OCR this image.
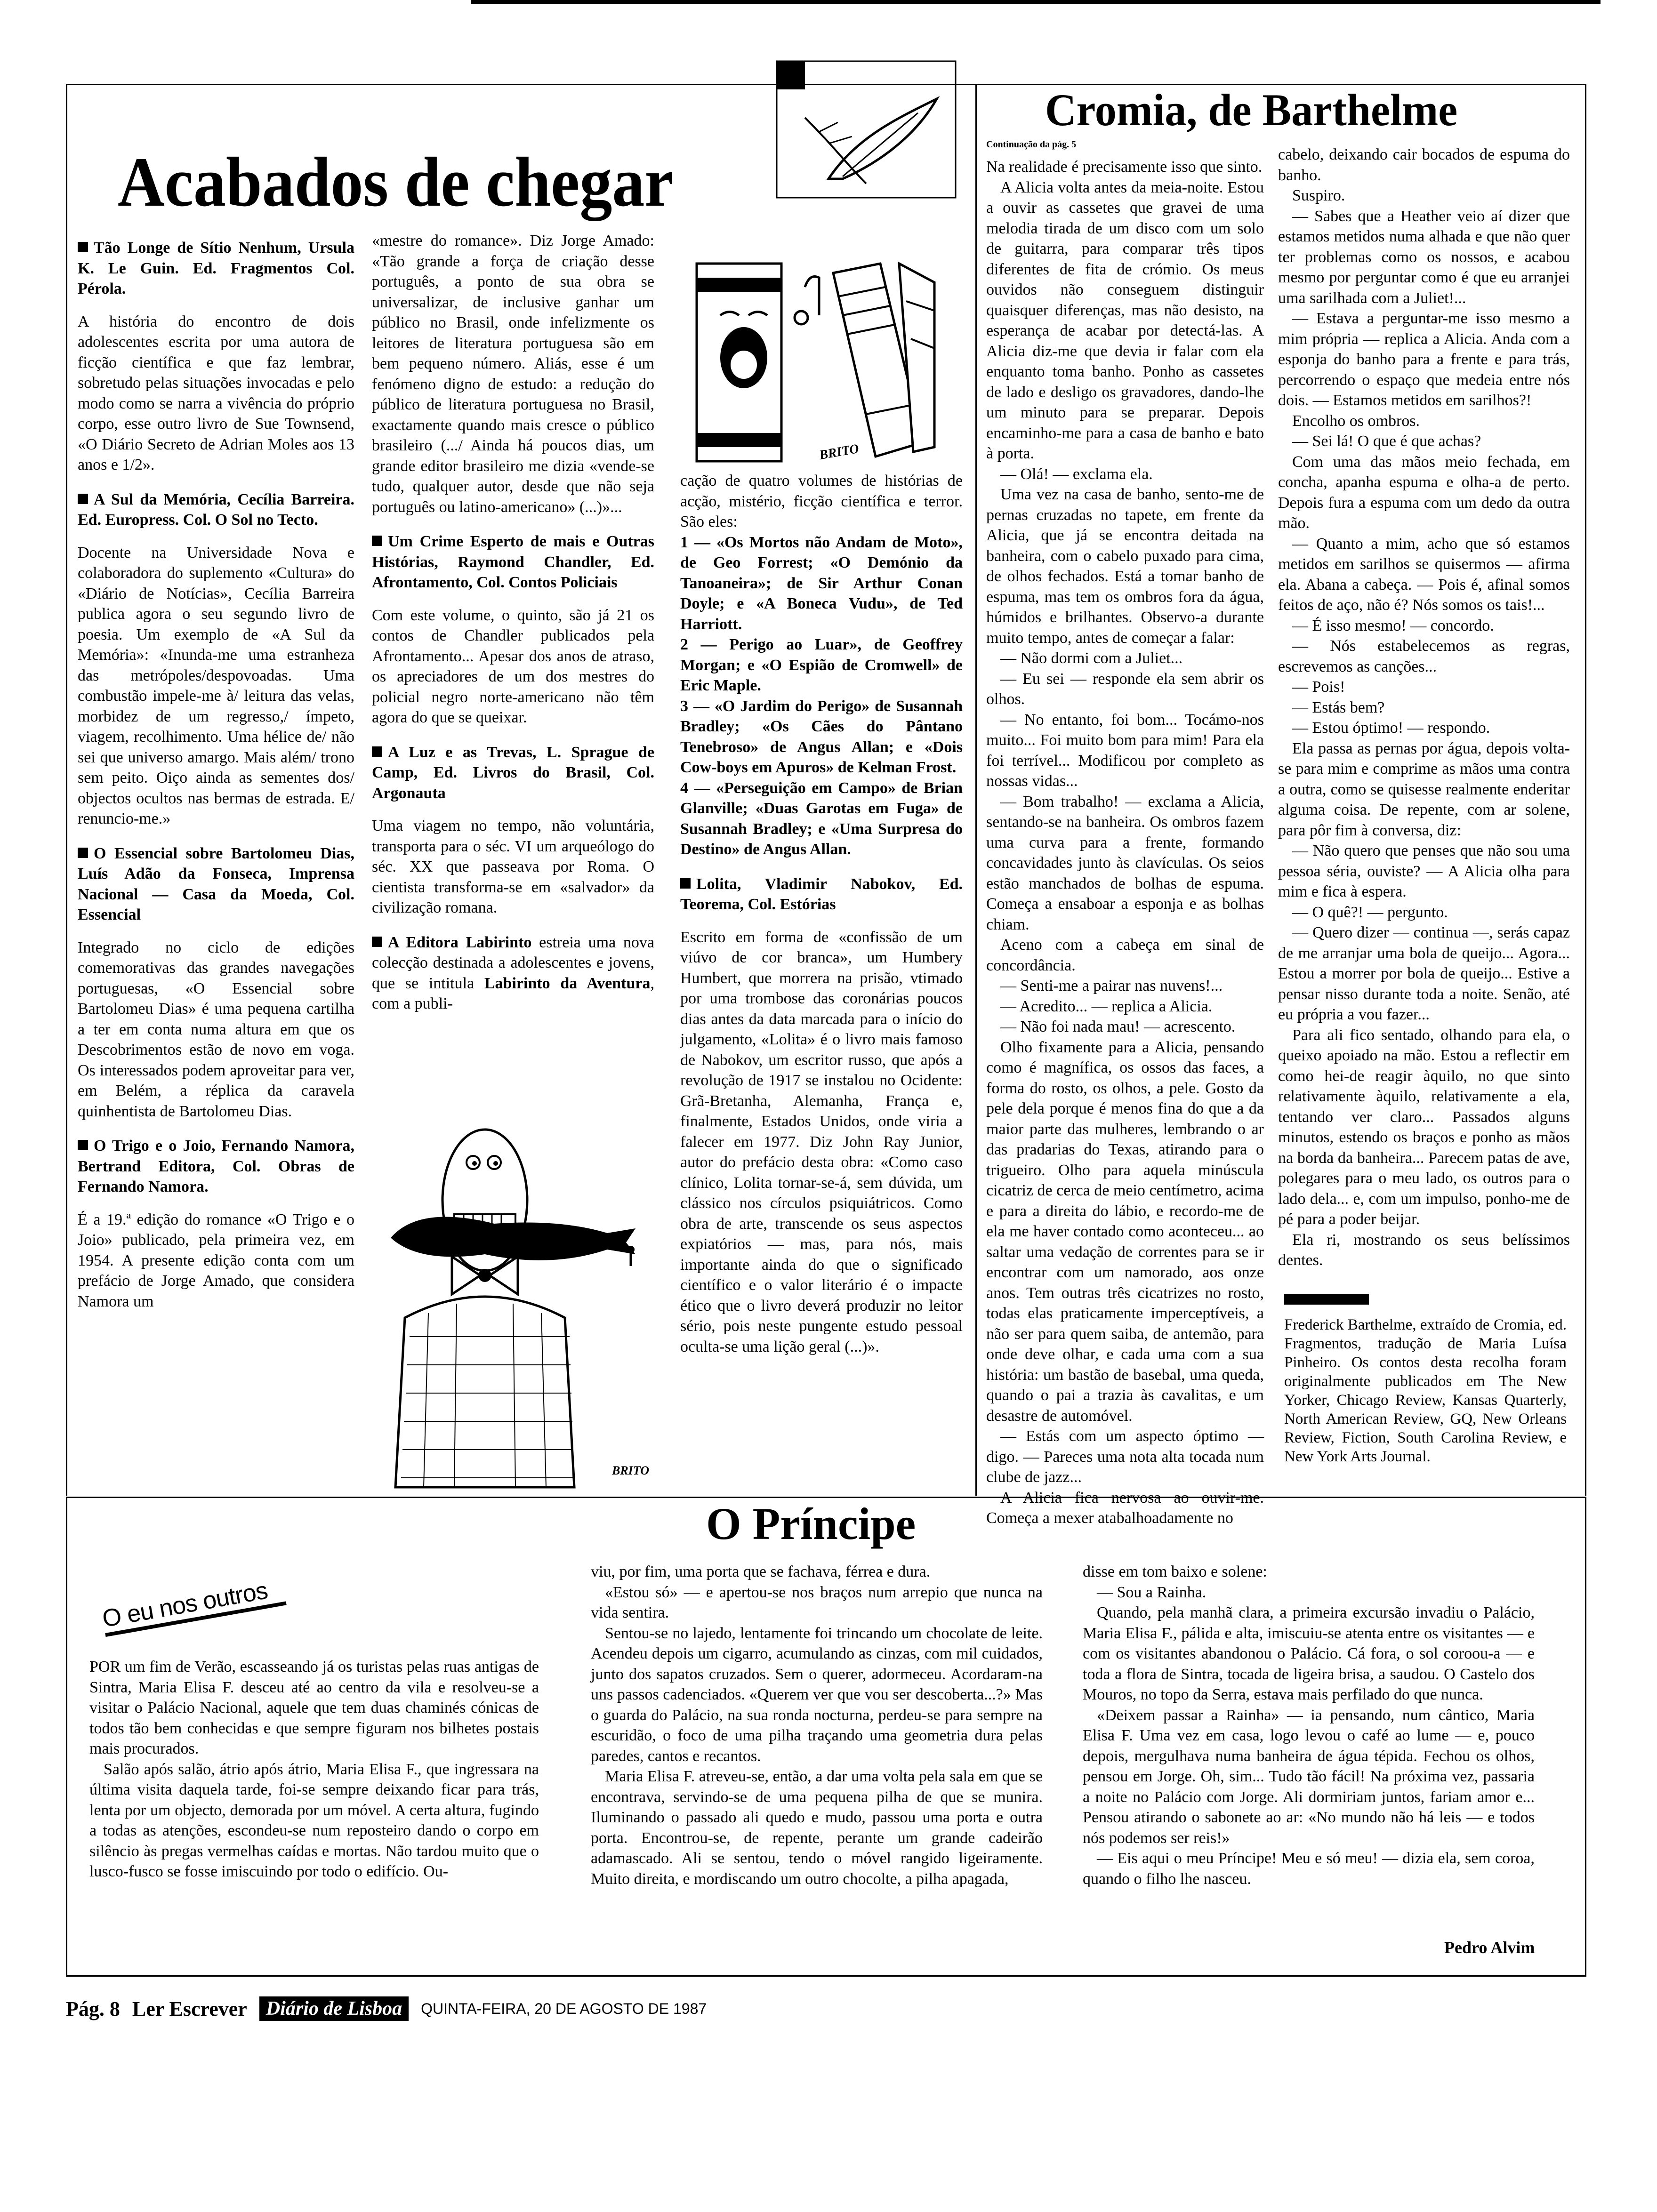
Acabados de chegar

Tão Longe de Sítio Nenhum, Ursula K. Le Guin. Ed. Fragmentos Col. Pérola.

A história do encontro de dois adolescentes escrita por uma autora de ficção científica e que faz lembrar, sobretudo pelas situações invocadas e pelo modo como se narra a vivência do próprio corpo, esse outro livro de Sue Townsend, «O Diário Secreto de Adrian Moles aos 13 anos e 1/2».

A Sul da Memória, Cecília Barreira. Ed. Europress. Col. O Sol no Tecto.

Docente na Universidade Nova e colaboradora do suplemento «Cultura» do «Diário de Notícias», Cecília Barreira publica agora o seu segundo livro de poesia. Um exemplo de «A Sul da Memória»: «Inunda-me uma estranheza das metrópoles/despovoadas. Uma combustão impele-me à/ leitura das velas, morbidez de um regresso,/ ímpeto, viagem, recolhimento. Uma hélice de/ não sei que universo amargo. Mais além/ trono sem peito. Oiço ainda as sementes dos/ objectos ocultos nas bermas de estrada. E/ renuncio-me.»

O Essencial sobre Bartolomeu Dias, Luís Adão da Fonseca, Imprensa Nacional — Casa da Moeda, Col. Essencial

Integrado no ciclo de edições comemorativas das grandes navegações portuguesas, «O Essencial sobre Bartolomeu Dias» é uma pequena cartilha a ter em conta numa altura em que os Descobrimentos estão de novo em voga. Os interessados podem aproveitar para ver, em Belém, a réplica da caravela quinhentista de Bartolomeu Dias.

O Trigo e o Joio, Fernando Namora, Bertrand Editora, Col. Obras de Fernando Namora.

É a 19.ª edição do romance «O Trigo e o Joio» publicado, pela primeira vez, em 1954. A presente edição conta com um prefácio de Jorge Amado, que considera Namora um

«mestre do romance». Diz Jorge Amado: «Tão grande a força de criação desse português, a ponto de sua obra se universalizar, de inclusive ganhar um público no Brasil, onde infelizmente os leitores de literatura portuguesa são em bem pequeno número. Aliás, esse é um fenómeno digno de estudo: a redução do público de literatura portuguesa no Brasil, exactamente quando mais cresce o público brasileiro (.../ Ainda há poucos dias, um grande editor brasileiro me dizia «vende-se tudo, qualquer autor, desde que não seja português ou latino-americano» (...)»...

Um Crime Esperto de mais e Outras Histórias, Raymond Chandler, Ed. Afrontamento, Col. Contos Policiais

Com este volume, o quinto, são já 21 os contos de Chandler publicados pela Afrontamento... Apesar dos anos de atraso, os apreciadores de um dos mestres do policial negro norte-americano não têm agora do que se queixar.

A Luz e as Trevas, L. Sprague de Camp, Ed. Livros do Brasil, Col. Argonauta

Uma viagem no tempo, não voluntária, transporta para o séc. VI um arqueólogo do séc. XX que passeava por Roma. O cientista transforma-se em «salvador» da civilização romana.

A Editora Labirinto estreia uma nova colecção destinada a adolescentes e jovens, que se intitula Labirinto da Aventura, com a publi-

cação de quatro volumes de histórias de acção, mistério, ficção científica e terror. São eles:

1 — «Os Mortos não Andam de Moto», de Geo Forrest; «O Demónio da Tanoaneira»; de Sir Arthur Conan Doyle; e «A Boneca Vudu», de Ted Harriott.

2 — Perigo ao Luar», de Geoffrey Morgan; e «O Espião de Cromwell» de Eric Maple.

3 — «O Jardim do Perigo» de Susannah Bradley; «Os Cães do Pântano Tenebroso» de Angus Allan; e «Dois Cow-boys em Apuros» de Kelman Frost.

4 — «Perseguição em Campo» de Brian Glanville; «Duas Garotas em Fuga» de Susannah Bradley; e «Uma Surpresa do Destino» de Angus Allan.

Lolita, Vladimir Nabokov, Ed. Teorema, Col. Estórias

Escrito em forma de «confissão de um viúvo de cor branca», um Humbery Humbert, que morrera na prisão, vtimado por uma trombose das coronárias poucos dias antes da data marcada para o início do julgamento, «Lolita» é o livro mais famoso de Nabokov, um escritor russo, que após a revolução de 1917 se instalou no Ocidente: Grã-Bretanha, Alemanha, França e, finalmente, Estados Unidos, onde viria a falecer em 1977. Diz John Ray Junior, autor do prefácio desta obra: «Como caso clínico, Lolita tornar-se-á, sem dúvida, um clássico nos círculos psiquiátricos. Como obra de arte, transcende os seus aspectos expiatórios — mas, para nós, mais importante ainda do que o significado científico e o valor literário é o impacte ético que o livro deverá produzir no leitor sério, pois neste pungente estudo pessoal oculta-se uma lição geral (...)».

BRITO
BRITO
Cromia, de Barthelme
Continuação da pág. 5

Na realidade é precisamente isso que sinto.

A Alicia volta antes da meia-noite. Estou a ouvir as cassetes que gravei de uma melodia tirada de um disco com um solo de guitarra, para comparar três tipos diferentes de fita de crómio. Os meus ouvidos não conseguem distinguir quaisquer diferenças, mas não desisto, na esperança de acabar por detectá-las. A Alicia diz-me que devia ir falar com ela enquanto toma banho. Ponho as cassetes de lado e desligo os gravadores, dando-lhe um minuto para se preparar. Depois encaminho-me para a casa de banho e bato à porta.

— Olá! — exclama ela.

Uma vez na casa de banho, sento-me de pernas cruzadas no tapete, em frente da Alicia, que já se encontra deitada na banheira, com o cabelo puxado para cima, de olhos fechados. Está a tomar banho de espuma, mas tem os ombros fora da água, húmidos e brilhantes. Observo-a durante muito tempo, antes de começar a falar:

— Não dormi com a Juliet...

— Eu sei — responde ela sem abrir os olhos.

— No entanto, foi bom... Tocámo-nos muito... Foi muito bom para mim! Para ela foi terrível... Modificou por completo as nossas vidas...

— Bom trabalho! — exclama a Alicia, sentando-se na banheira. Os ombros fazem uma curva para a frente, formando concavidades junto às clavículas. Os seios estão manchados de bolhas de espuma. Começa a ensaboar a esponja e as bolhas chiam.

Aceno com a cabeça em sinal de concordância.

— Senti-me a pairar nas nuvens!...

— Acredito... — replica a Alicia.

— Não foi nada mau! — acrescento.

Olho fixamente para a Alicia, pensando como é magnífica, os ossos das faces, a forma do rosto, os olhos, a pele. Gosto da pele dela porque é menos fina do que a da maior parte das mulheres, lembrando o ar das pradarias do Texas, atirando para o trigueiro. Olho para aquela minúscula cicatriz de cerca de meio centímetro, acima e para a direita do lábio, e recordo-me de ela me haver contado como aconteceu... ao saltar uma vedação de correntes para se ir encontrar com um namorado, aos onze anos. Tem outras três cicatrizes no rosto, todas elas praticamente imperceptíveis, a não ser para quem saiba, de antemão, para onde deve olhar, e cada uma com a sua história: um bastão de basebal, uma queda, quando o pai a trazia às cavalitas, e um desastre de automóvel.

— Estás com um aspecto óptimo — digo. — Pareces uma nota alta tocada num clube de jazz...

A Alicia fica nervosa ao ouvir-me. Começa a mexer atabalhoadamente no

cabelo, deixando cair bocados de espuma do banho.

Suspiro.

— Sabes que a Heather veio aí dizer que estamos metidos numa alhada e que não quer ter problemas como os nossos, e acabou mesmo por perguntar como é que eu arranjei uma sarilhada com a Juliet!...

— Estava a perguntar-me isso mesmo a mim própria — replica a Alicia. Anda com a esponja do banho para a frente e para trás, percorrendo o espaço que medeia entre nós dois. — Estamos metidos em sarilhos?!

Encolho os ombros.

— Sei lá! O que é que achas?

Com uma das mãos meio fechada, em concha, apanha espuma e olha-a de perto. Depois fura a espuma com um dedo da outra mão.

— Quanto a mim, acho que só estamos metidos em sarilhos se quisermos — afirma ela. Abana a cabeça. — Pois é, afinal somos feitos de aço, não é? Nós somos os tais!...

— É isso mesmo! — concordo.

— Nós estabelecemos as regras, escrevemos as canções...

— Pois!

— Estás bem?

— Estou óptimo! — respondo.

Ela passa as pernas por água, depois volta-se para mim e comprime as mãos uma contra a outra, como se quisesse realmente enderitar alguma coisa. De repente, com ar solene, para pôr fim à conversa, diz:

— Não quero que penses que não sou uma pessoa séria, ouviste? — A Alicia olha para mim e fica à espera.

— O quê?! — pergunto.

— Quero dizer — continua —, serás capaz de me arranjar uma bola de queijo... Agora... Estou a morrer por bola de queijo... Estive a pensar nisso durante toda a noite. Senão, até eu própria a vou fazer...

Para ali fico sentado, olhando para ela, o queixo apoiado na mão. Estou a reflectir em como hei-de reagir àquilo, no que sinto relativamente àquilo, relativamente a ela, tentando ver claro... Passados alguns minutos, estendo os braços e ponho as mãos na borda da banheira... Parecem patas de ave, polegares para o meu lado, os outros para o lado dela... e, com um impulso, ponho-me de pé para a poder beijar.

Ela ri, mostrando os seus belíssimos dentes.

Frederick Barthelme, extraído de Cromia, ed. Fragmentos, tradução de Maria Luísa Pinheiro. Os contos desta recolha foram originalmente publicados em The New Yorker, Chicago Review, Kansas Quarterly, North American Review, GQ, New Orleans Review, Fiction, South Carolina Review, e New York Arts Journal.
O Príncipe
O eu nos outros

POR um fim de Verão, escasseando já os turistas pelas ruas antigas de Sintra, Maria Elisa F. desceu até ao centro da vila e resolveu-se a visitar o Palácio Nacional, aquele que tem duas chaminés cónicas de todos tão bem conhecidas e que sempre figuram nos bilhetes postais mais procurados.

Salão após salão, átrio após átrio, Maria Elisa F., que ingressara na última visita daquela tarde, foi-se sempre deixando ficar para trás, lenta por um objecto, demorada por um móvel. A certa altura, fugindo a todas as atenções, escondeu-se num reposteiro dando o corpo em silêncio às pregas vermelhas caídas e mortas. Não tardou muito que o lusco-fusco se fosse imiscuindo por todo o edifício. Ou-

viu, por fim, uma porta que se fachava, férrea e dura.

«Estou só» — e apertou-se nos braços num arrepio que nunca na vida sentira.

Sentou-se no lajedo, lentamente foi trincando um chocolate de leite. Acendeu depois um cigarro, acumulando as cinzas, com mil cuidados, junto dos sapatos cruzados. Sem o querer, adormeceu. Acordaram-na uns passos cadenciados. «Querem ver que vou ser descoberta...?» Mas o guarda do Palácio, na sua ronda nocturna, perdeu-se para sempre na escuridão, o foco de uma pilha traçando uma geometria dura pelas paredes, cantos e recantos.

Maria Elisa F. atreveu-se, então, a dar uma volta pela sala em que se encontrava, servindo-se de uma pequena pilha de que se munira. Iluminando o passado ali quedo e mudo, passou uma porta e outra porta. Encontrou-se, de repente, perante um grande cadeirão adamascado. Ali se sentou, tendo o móvel rangido ligeiramente. Muito direita, e mordiscando um outro chocolte, a pilha apagada,

disse em tom baixo e solene:

— Sou a Rainha.

Quando, pela manhã clara, a primeira excursão invadiu o Palácio, Maria Elisa F., pálida e alta, imiscuiu-se atenta entre os visitantes — e com os visitantes abandonou o Palácio. Cá fora, o sol coroou-a — e toda a flora de Sintra, tocada de ligeira brisa, a saudou. O Castelo dos Mouros, no topo da Serra, estava mais perfilado do que nunca.

«Deixem passar a Rainha» — ia pensando, num cântico, Maria Elisa F. Uma vez em casa, logo levou o café ao lume — e, pouco depois, mergulhava numa banheira de água tépida. Fechou os olhos, pensou em Jorge. Oh, sim... Tudo tão fácil! Na próxima vez, passaria a noite no Palácio com Jorge. Ali dormiriam juntos, fariam amor e... Pensou atirando o sabonete ao ar: «No mundo não há leis — e todos nós podemos ser reis!»

— Eis aqui o meu Príncipe! Meu e só meu! — dizia ela, sem coroa, quando o filho lhe nasceu.

Pedro Alvim
Pág. 8 Ler Escrever Diário de Lisboa	QUINTA-FEIRA, 20 DE AGOSTO DE 1987
